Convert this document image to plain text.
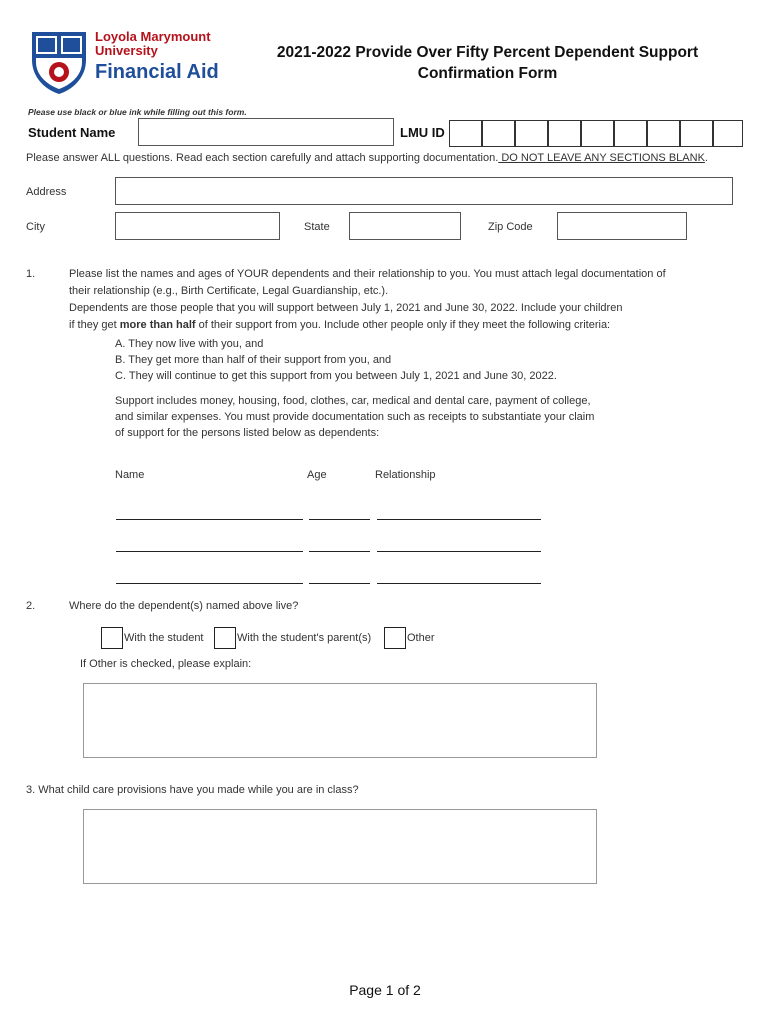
Loyola Marymount
University
Financial Aid
2021-2022 Provide Over Fifty Percent Dependent Support
Confirmation Form
Please use black or blue ink while filling out this form.
Student Name	LMU ID
Please answer ALL questions. Read each section carefully and attach supporting documentation. DO NOT LEAVE ANY SECTIONS BLANK.
Address
City	State	Zip Code
1.	Please list the names and ages of YOUR dependents and their relationship to you. You must attach legal documentation of
their relationship (e.g., Birth Certificate, Legal Guardianship, etc.).
Dependents are those people that you will support between July 1, 2021 and June 30, 2022. Include your children
if they get more than half of their support from you. Include other people only if they meet the following criteria:
A. They now live with you, and
B. They get more than half of their support from you, and
C. They will continue to get this support from you between July 1, 2021 and June 30, 2022.
Support includes money, housing, food, clothes, car, medical and dental care, payment of college,
and similar expenses. You must provide documentation such as receipts to substantiate your claim
of support for the persons listed below as dependents:
Name	Age	Relationship
2.	Where do the dependent(s) named above live?
With the student	With the student's parent(s)	Other
If Other is checked, please explain:
3. What child care provisions have you made while you are in class?
Page 1 of 2
